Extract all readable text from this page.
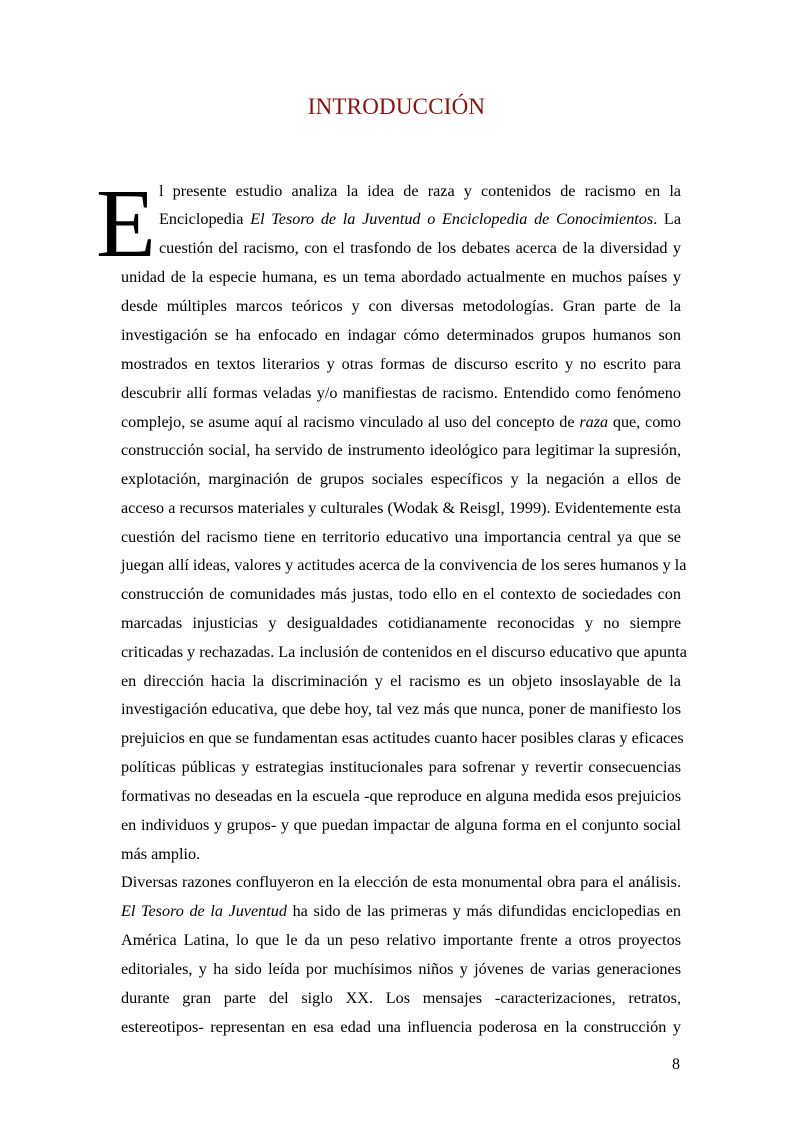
INTRODUCCIÓN
E l presente estudio analiza la idea de raza y contenidos de racismo en la
Enciclopedia El Tesoro de la Juventud o Enciclopedia de Conocimientos. La
cuestión del racismo, con el trasfondo de los debates acerca de la diversidad y
unidad de la especie humana, es un tema abordado actualmente en muchos países y
desde múltiples marcos teóricos y con diversas metodologías. Gran parte de la
investigación se ha enfocado en indagar cómo determinados grupos humanos son
mostrados en textos literarios y otras formas de discurso escrito y no escrito para
descubrir allí formas veladas y/o manifiestas de racismo. Entendido como fenómeno
complejo, se asume aquí al racismo vinculado al uso del concepto de raza que, como
construcción social, ha servido de instrumento ideológico para legitimar la supresión,
explotación, marginación de grupos sociales específicos y la negación a ellos de
acceso a recursos materiales y culturales (Wodak & Reisgl, 1999). Evidentemente esta
cuestión del racismo tiene en territorio educativo una importancia central ya que se
juegan allí ideas, valores y actitudes acerca de la convivencia de los seres humanos y la
construcción de comunidades más justas, todo ello en el contexto de sociedades con
marcadas injusticias y desigualdades cotidianamente reconocidas y no siempre
criticadas y rechazadas. La inclusión de contenidos en el discurso educativo que apunta
en dirección hacia la discriminación y el racismo es un objeto insoslayable de la
investigación educativa, que debe hoy, tal vez más que nunca, poner de manifiesto los
prejuicios en que se fundamentan esas actitudes cuanto hacer posibles claras y eficaces
políticas públicas y estrategias institucionales para sofrenar y revertir consecuencias
formativas no deseadas en la escuela -que reproduce en alguna medida esos prejuicios
en individuos y grupos- y que puedan impactar de alguna forma en el conjunto social
más amplio.
Diversas razones confluyeron en la elección de esta monumental obra para el análisis.
El Tesoro de la Juventud ha sido de las primeras y más difundidas enciclopedias en
América Latina, lo que le da un peso relativo importante frente a otros proyectos
editoriales, y ha sido leída por muchísimos niños y jóvenes de varias generaciones
durante gran parte del siglo XX. Los mensajes -caracterizaciones, retratos,
estereotipos- representan en esa edad una influencia poderosa en la construcción y
8
